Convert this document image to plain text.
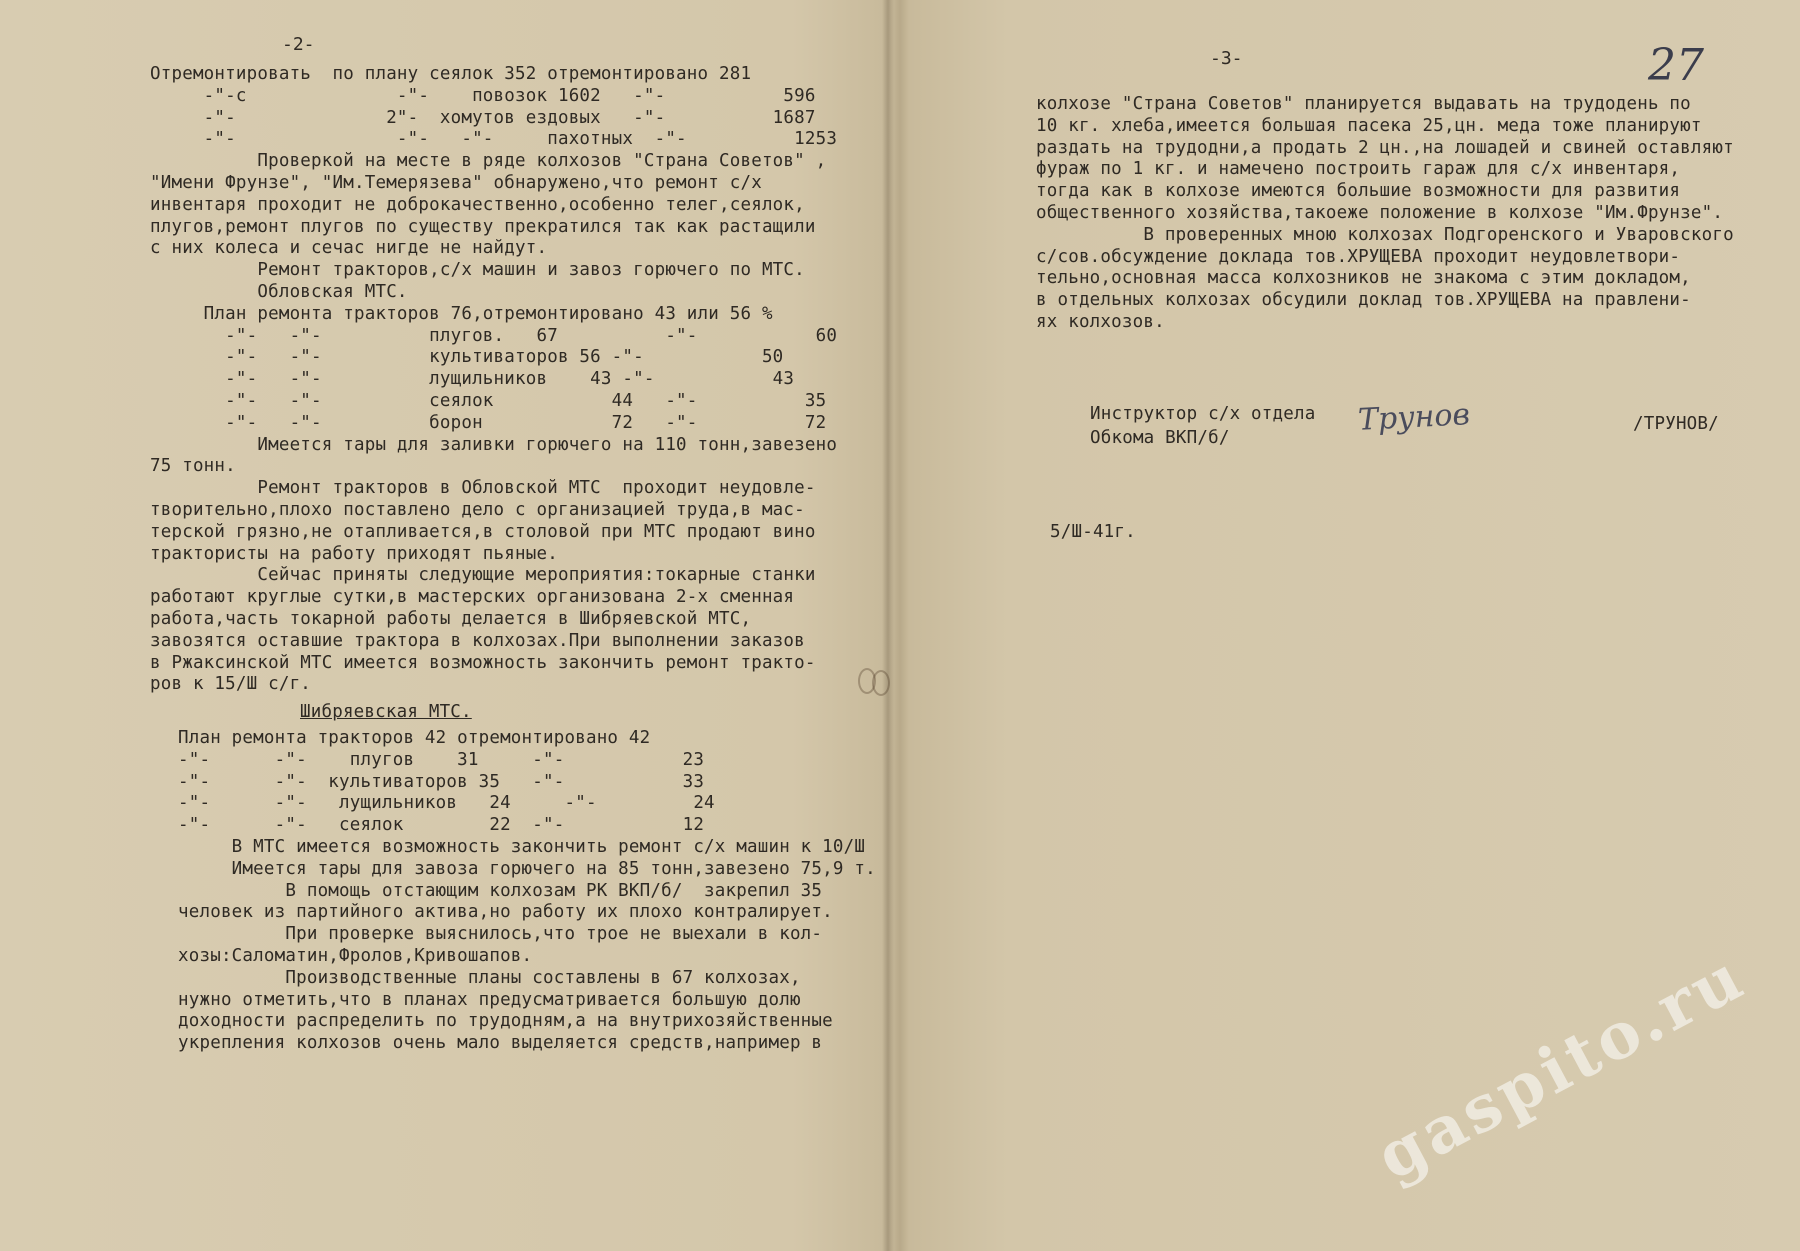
-2-
Отремонтировать  по плану сеялок 352 отремонтировано 281
-"-с              -"-    повозок 1602   -"-           596
-"-              2"-  хомутов ездовых   -"-          1687
-"-               -"-   -"-     пахотных  -"-          1253
Проверкой на месте в ряде колхозов "Страна Советов" ,
"Имени Фрунзе", "Им.Темерязева" обнаружено,что ремонт с/х
инвентаря проходит не доброкачественно,особенно телег,сеялок,
плугов,ремонт плугов по существу прекратился так как растащили
с них колеса и сечас нигде не найдут.
Ремонт тракторов,с/х машин и завоз горючего по МТС.
Обловская МТС.
План ремонта тракторов 76,отремонтировано 43 или 56 %
-"-   -"-          плугов.   67          -"-           60
-"-   -"-          культиваторов 56 -"-           50
-"-   -"-          лущильников    43 -"-           43
-"-   -"-          сеялок           44   -"-          35
-"-   -"-          борон            72   -"-          72
Имеется тары для заливки горючего на 110 тонн,завезено
75 тонн.
Ремонт тракторов в Обловской МТС  проходит неудовле-
творительно,плохо поставлено дело с организацией труда,в мас-
терской грязно,не отапливается,в столовой при МТС продают вино
трактористы на работу приходят пьяные.
Сейчас приняты следующие мероприятия:токарные станки
работают круглые сутки,в мастерских организована 2-х сменная
работа,часть токарной работы делается в Шибряевской МТС,
завозятся оставшие трактора в колхозах.При выполнении заказов
в Ржаксинской МТС имеется возможность закончить ремонт тракто-
ров к 15/Ш с/г.
Шибряевская МТС.
План ремонта тракторов 42 отремонтировано 42
-"-      -"-    плугов    31     -"-           23
-"-      -"-  культиваторов 35   -"-           33
-"-      -"-   лущильников   24     -"-         24
-"-      -"-   сеялок        22  -"-           12
В МТС имеется возможность закончить ремонт с/х машин к 10/Ш
Имеется тары для завоза горючего на 85 тонн,завезено 75,9 т.
В помощь отстающим колхозам РК ВКП/б/  закрепил 35
человек из партийного актива,но работу их плохо контралирует.
При проверке выяснилось,что трое не выехали в кол-
хозы:Саломатин,Фролов,Кривошапов.
Производственные планы составлены в 67 колхозах,
нужно отметить,что в планах предусматривается большую долю
доходности распределить по трудодням,а на внутрихозяйственные
укрепления колхозов очень мало выделяется средств,например в
-3-	27
колхозе "Страна Советов" планируется выдавать на трудодень по
10 кг. хлеба,имеется большая пасека 25,цн. меда тоже планируют
раздать на трудодни,а продать 2 цн.,на лошадей и свиней оставляют
фураж по 1 кг. и намечено построить гараж для с/х инвентаря,
тогда как в колхозе имеются большие возможности для развития
общественного хозяйства,такоеже положение в колхозе "Им.Фрунзе".
В проверенных мною колхозах Подгоренского и Уваровского
с/сов.обсуждение доклада тов.ХРУЩЕВА проходит неудовлетвори-
тельно,основная масса колхозников не знакома с этим докладом,
в отдельных колхозах обсудили доклад тов.ХРУЩЕВА на правлени-
ях колхозов.
Инструктор с/х отдела
Обкома ВКП/б/
Трунов	/ТРУНОВ/
5/Ш-41г.
gaspito.ru
